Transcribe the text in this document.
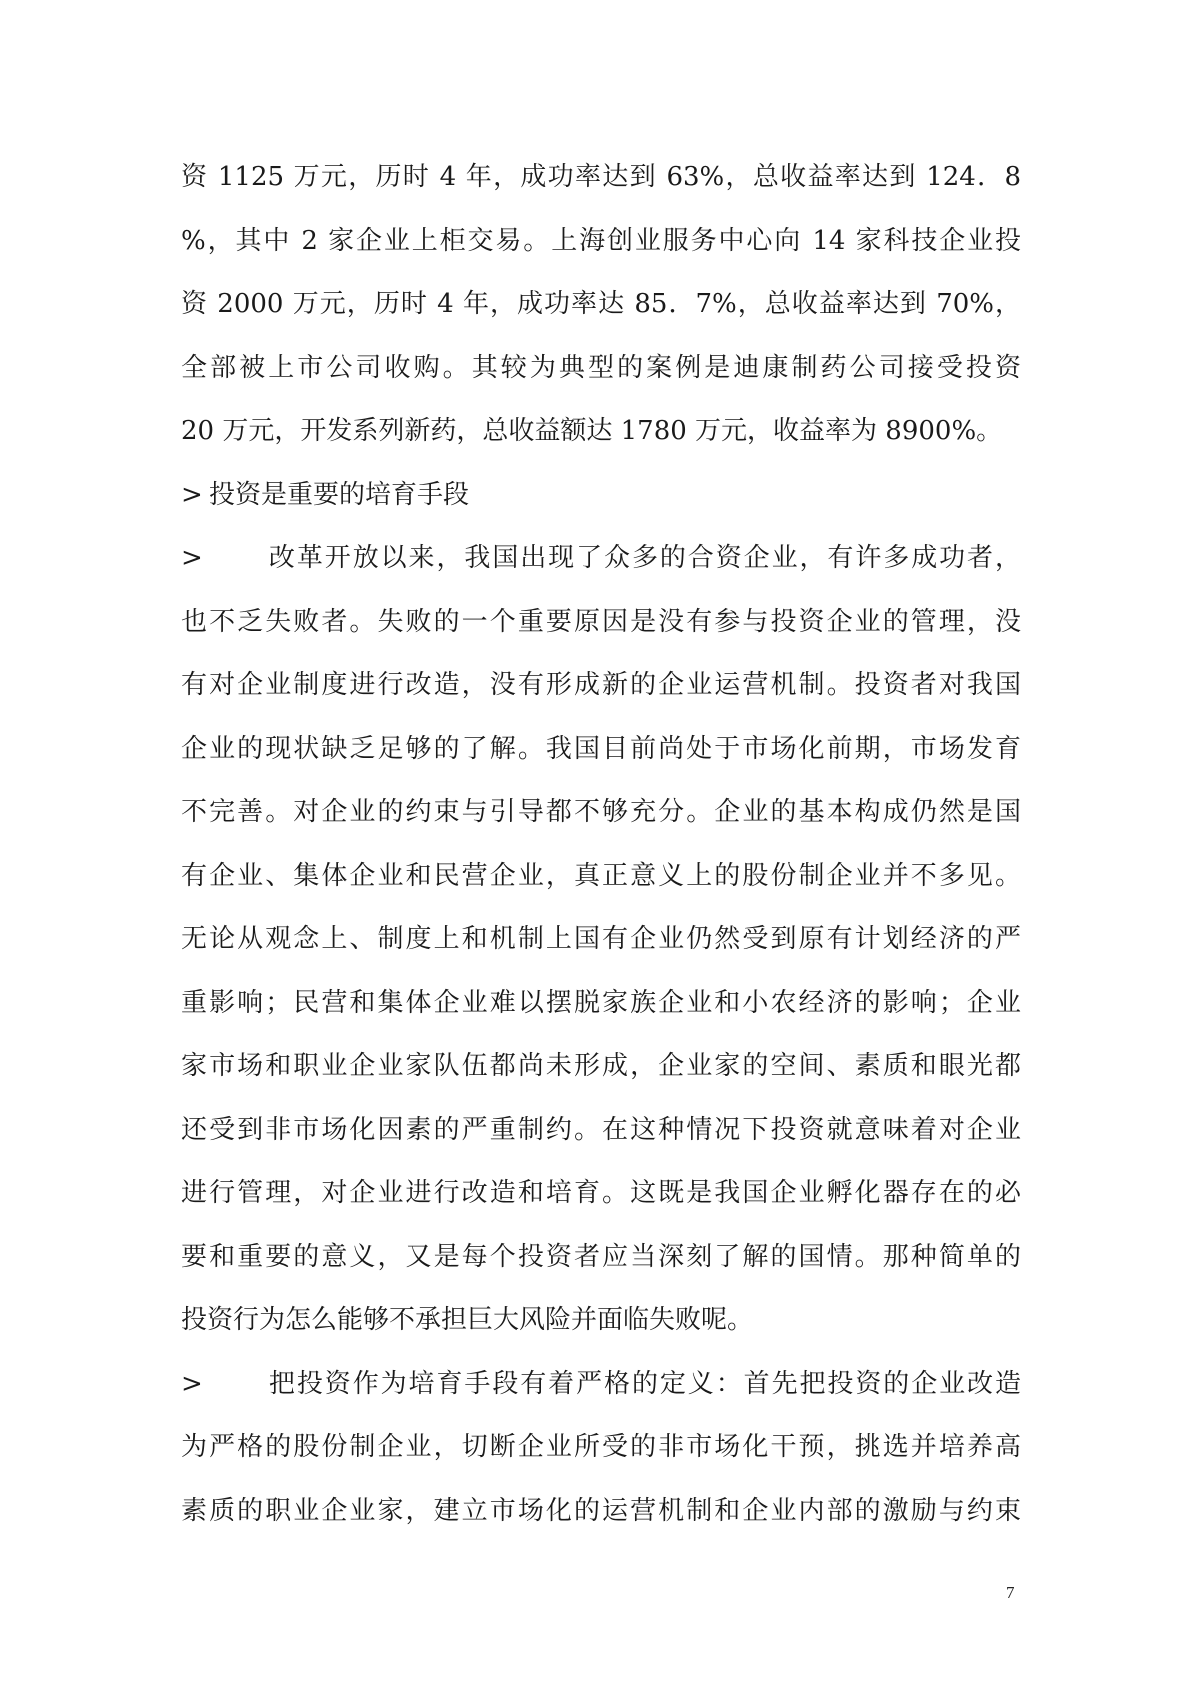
资 1125 万元，历时 4 年，成功率达到 63%，总收益率达到 124．8
%，其中 2 家企业上柜交易。上海创业服务中心向 14 家科技企业投
资 2000 万元，历时 4 年，成功率达 85．7%，总收益率达到 70%，
全部被上市公司收购。其较为典型的案例是迪康制药公司接受投资
20 万元，开发系列新药，总收益额达 1780 万元，收益率为 8900%。
> 投资是重要的培育手段
> 改革开放以来，我国出现了众多的合资企业，有许多成功者，
也不乏失败者。失败的一个重要原因是没有参与投资企业的管理，没
有对企业制度进行改造，没有形成新的企业运营机制。投资者对我国
企业的现状缺乏足够的了解。我国目前尚处于市场化前期，市场发育
不完善。对企业的约束与引导都不够充分。企业的基本构成仍然是国
有企业、集体企业和民营企业，真正意义上的股份制企业并不多见。
无论从观念上、制度上和机制上国有企业仍然受到原有计划经济的严
重影响；民营和集体企业难以摆脱家族企业和小农经济的影响；企业
家市场和职业企业家队伍都尚未形成，企业家的空间、素质和眼光都
还受到非市场化因素的严重制约。在这种情况下投资就意味着对企业
进行管理，对企业进行改造和培育。这既是我国企业孵化器存在的必
要和重要的意义，又是每个投资者应当深刻了解的国情。那种简单的
投资行为怎么能够不承担巨大风险并面临失败呢。
> 把投资作为培育手段有着严格的定义：首先把投资的企业改造
为严格的股份制企业，切断企业所受的非市场化干预，挑选并培养高
素质的职业企业家，建立市场化的运营机制和企业内部的激励与约束
7
